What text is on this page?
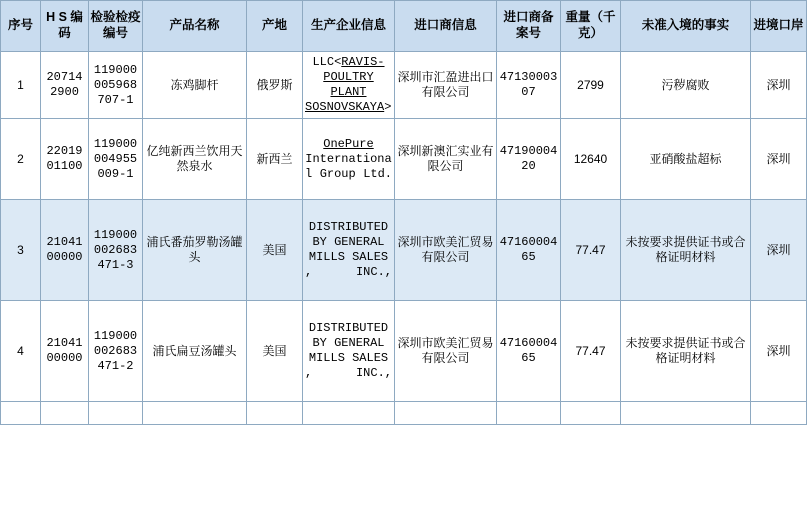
序号	H S 编码	检验检疫编号	产品名称	产地	生产企业信息	进口商信息	进口商备案号	重量（千克）	未准入境的事实	进境口岸
1	207142900	119000005968707-1	冻鸡脚杆	俄罗斯	LLC<RAVIS-POULTRY PLANT SOSNOVSKAYA>	深圳市汇盈进出口有限公司	4713000307	2799	污秽腐败	深圳
2	2201901100	119000004955009-1	亿纯新西兰饮用天然泉水	新西兰	OnePure International Group Ltd.	深圳新澳汇实业有限公司	4719000420	12640	亚硝酸盐超标	深圳
3	2104100000	119000002683471-3	浦氏番茄罗勒汤罐头	美国	DISTRIBUTED BY GENERAL MILLS SALES , INC.,	深圳市欧美汇贸易有限公司	4716000465	77.47	未按要求提供证书或合格证明材料	深圳
4	2104100000	119000002683471-2	浦氏扁豆汤罐头	美国	DISTRIBUTED BY GENERAL MILLS SALES , INC.,	深圳市欧美汇贸易有限公司	4716000465	77.47	未按要求提供证书或合格证明材料	深圳
